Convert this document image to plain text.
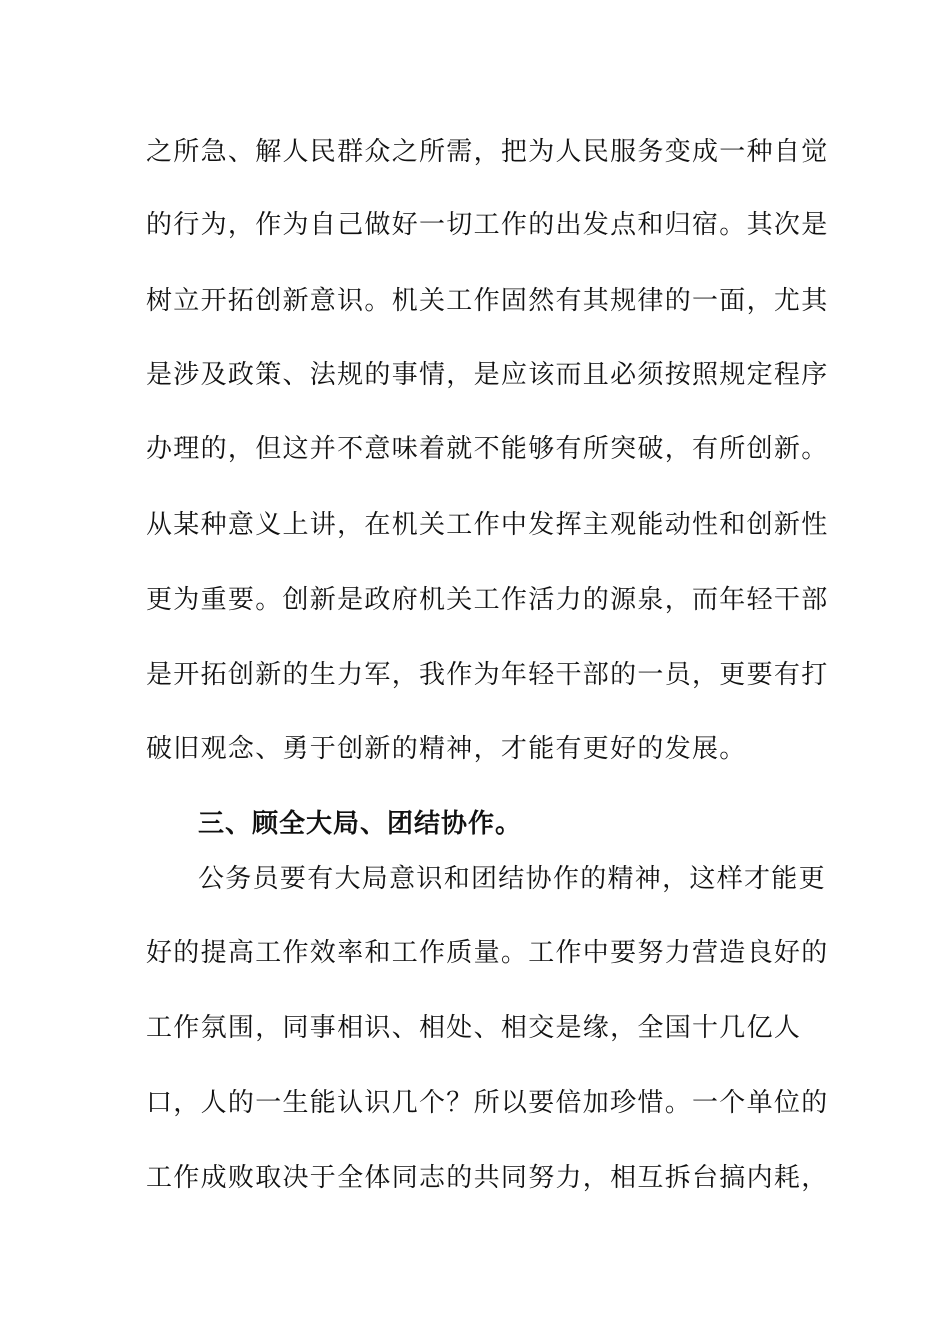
之所急、解人民群众之所需，把为人民服务变成一种自觉
的行为，作为自己做好一切工作的出发点和归宿。其次是
树立开拓创新意识。机关工作固然有其规律的一面，尤其
是涉及政策、法规的事情，是应该而且必须按照规定程序
办理的，但这并不意味着就不能够有所突破，有所创新。
从某种意义上讲，在机关工作中发挥主观能动性和创新性
更为重要。创新是政府机关工作活力的源泉，而年轻干部
是开拓创新的生力军，我作为年轻干部的一员，更要有打
破旧观念、勇于创新的精神，才能有更好的发展。
三、顾全大局、团结协作。
公务员要有大局意识和团结协作的精神，这样才能更
好的提高工作效率和工作质量。工作中要努力营造良好的
工作氛围，同事相识、相处、相交是缘，全国十几亿人
口，人的一生能认识几个？所以要倍加珍惜。一个单位的
工作成败取决于全体同志的共同努力，相互拆台搞内耗，
